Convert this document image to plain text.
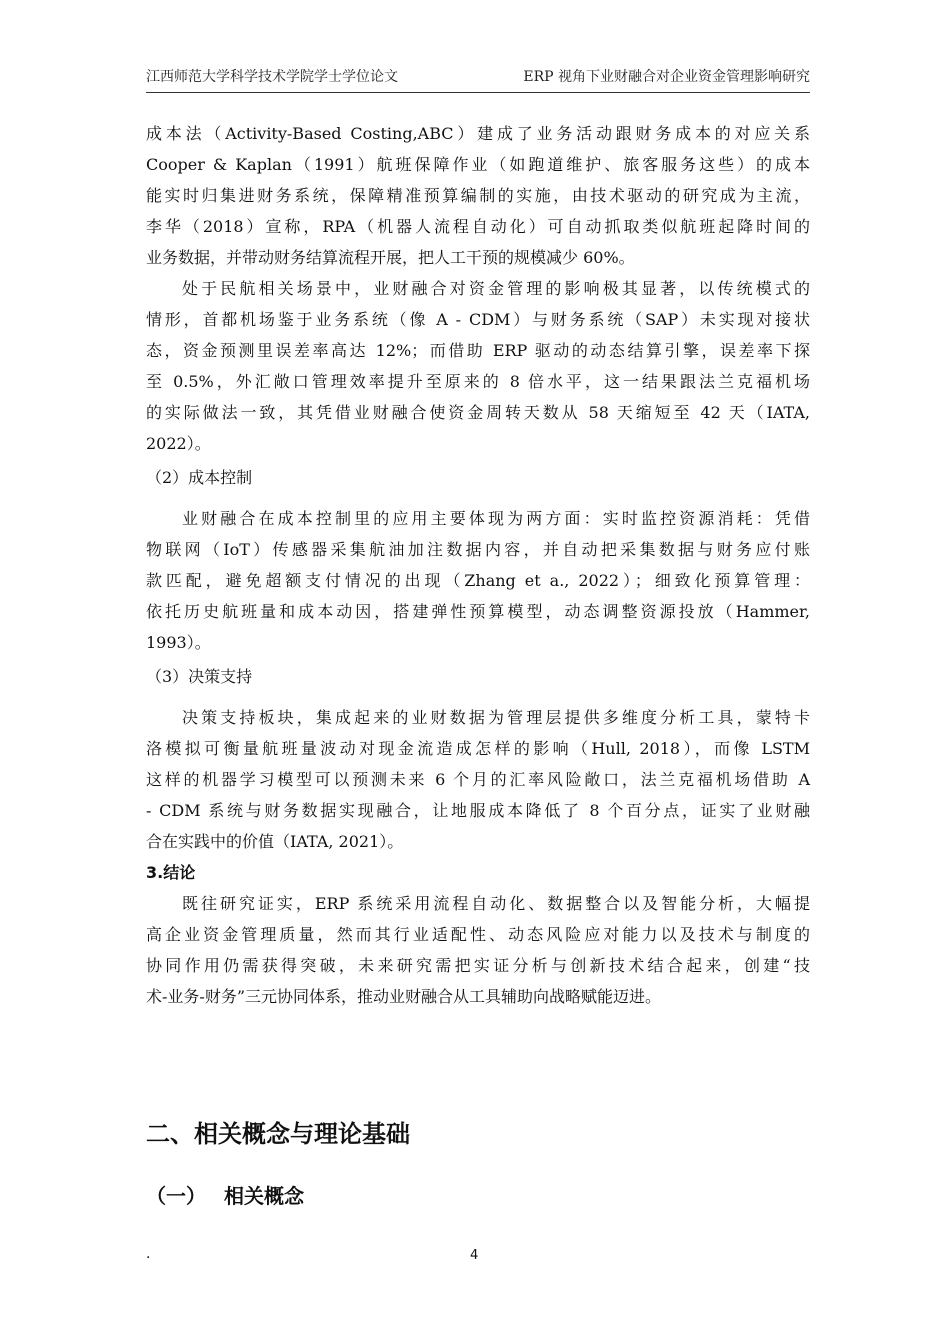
江西师范大学科学技术学院学士学位论文	ERP 视角下业财融合对企业资金管理影响研究
成本法（Activity-Based Costing,ABC）建成了业务活动跟财务成本的对应关系
Cooper & Kaplan（1991）航班保障作业（如跑道维护、旅客服务这些）的成本
能实时归集进财务系统，保障精准预算编制的实施，由技术驱动的研究成为主流，
李华（2018）宣称，RPA（机器人流程自动化）可自动抓取类似航班起降时间的
业务数据，并带动财务结算流程开展，把人工干预的规模减少 60%。
处于民航相关场景中，业财融合对资金管理的影响极其显著，以传统模式的
情形，首都机场鉴于业务系统（像 A - CDM）与财务系统（SAP）未实现对接状
态，资金预测里误差率高达 12%；而借助 ERP 驱动的动态结算引擎，误差率下探
至 0.5%，外汇敞口管理效率提升至原来的 8 倍水平，这一结果跟法兰克福机场
的实际做法一致，其凭借业财融合使资金周转天数从 58 天缩短至 42 天（IATA,
2022）。
（2）成本控制
业财融合在成本控制里的应用主要体现为两方面：实时监控资源消耗：凭借
物联网（IoT）传感器采集航油加注数据内容，并自动把采集数据与财务应付账
款匹配，避免超额支付情况的出现（Zhang et a., 2022）；细致化预算管理：
依托历史航班量和成本动因，搭建弹性预算模型，动态调整资源投放（Hammer,
1993）。
（3）决策支持
决策支持板块，集成起来的业财数据为管理层提供多维度分析工具，蒙特卡
洛模拟可衡量航班量波动对现金流造成怎样的影响（Hull, 2018），而像 LSTM
这样的机器学习模型可以预测未来 6 个月的汇率风险敞口，法兰克福机场借助 A
- CDM 系统与财务数据实现融合，让地服成本降低了 8 个百分点，证实了业财融
合在实践中的价值（IATA, 2021）。
3.结论
既往研究证实，ERP 系统采用流程自动化、数据整合以及智能分析，大幅提
高企业资金管理质量，然而其行业适配性、动态风险应对能力以及技术与制度的
协同作用仍需获得突破，未来研究需把实证分析与创新技术结合起来，创建“技
术-业务-财务”三元协同体系，推动业财融合从工具辅助向战略赋能迈进。
二、相关概念与理论基础
（一） 相关概念
·	4
